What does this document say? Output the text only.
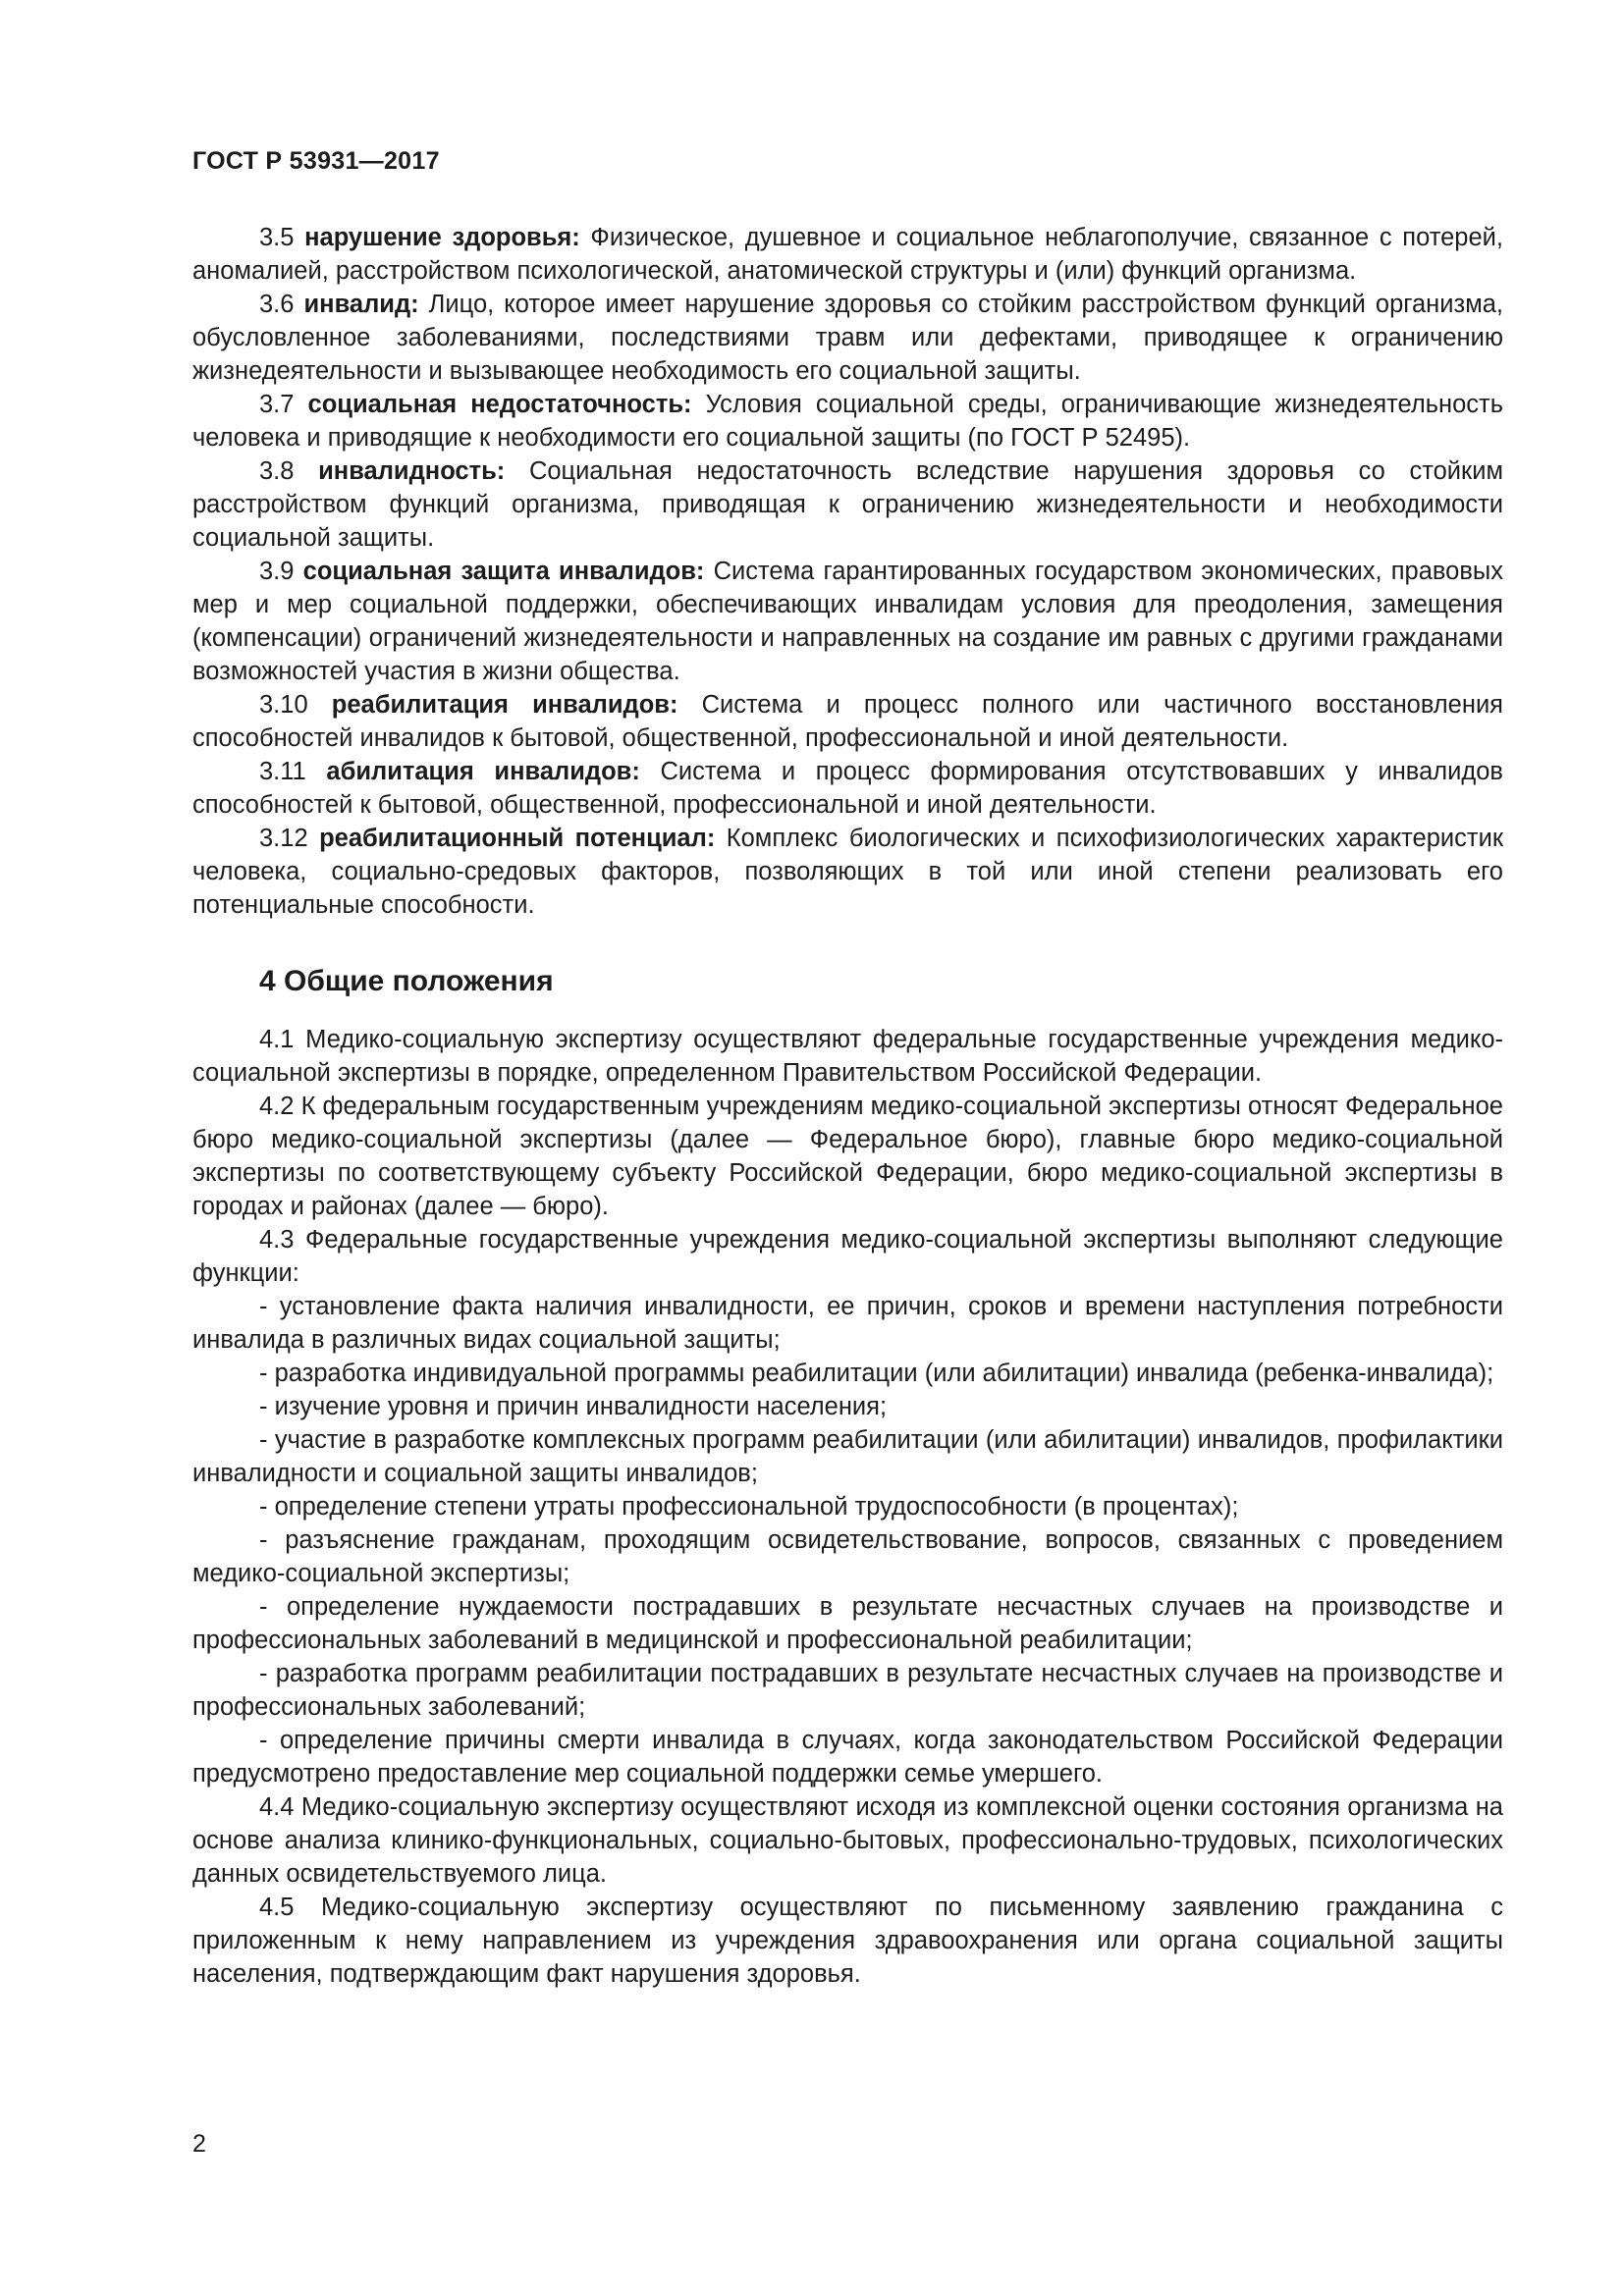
ГОСТ Р 53931—2017

3.5 нарушение здоровья: Физическое, душевное и социальное неблагополучие, связанное с потерей, аномалией, расстройством психологической, анатомической структуры и (или) функций организма.

3.6 инвалид: Лицо, которое имеет нарушение здоровья со стойким расстройством функций организма, обусловленное заболеваниями, последствиями травм или дефектами, приводящее к ограничению жизнедеятельности и вызывающее необходимость его социальной защиты.

3.7 социальная недостаточность: Условия социальной среды, ограничивающие жизнедеятельность человека и приводящие к необходимости его социальной защиты (по ГОСТ Р 52495).

3.8 инвалидность: Социальная недостаточность вследствие нарушения здоровья со стойким расстройством функций организма, приводящая к ограничению жизнедеятельности и необходимости социальной защиты.

3.9 социальная защита инвалидов: Система гарантированных государством экономических, правовых мер и мер социальной поддержки, обеспечивающих инвалидам условия для преодоления, замещения (компенсации) ограничений жизнедеятельности и направленных на создание им равных с другими гражданами возможностей участия в жизни общества.

3.10 реабилитация инвалидов: Система и процесс полного или частичного восстановления способностей инвалидов к бытовой, общественной, профессиональной и иной деятельности.

3.11 абилитация инвалидов: Система и процесс формирования отсутствовавших у инвалидов способностей к бытовой, общественной, профессиональной и иной деятельности.

3.12 реабилитационный потенциал: Комплекс биологических и психофизиологических характеристик человека, социально-средовых факторов, позволяющих в той или иной степени реализовать его потенциальные способности.

4 Общие положения

4.1 Медико-социальную экспертизу осуществляют федеральные государственные учреждения медико-социальной экспертизы в порядке, определенном Правительством Российской Федерации.

4.2 К федеральным государственным учреждениям медико-социальной экспертизы относят Федеральное бюро медико-социальной экспертизы (далее — Федеральное бюро), главные бюро медико-социальной экспертизы по соответствующему субъекту Российской Федерации, бюро медико-социальной экспертизы в городах и районах (далее — бюро).

4.3 Федеральные государственные учреждения медико-социальной экспертизы выполняют следующие функции:

- установление факта наличия инвалидности, ее причин, сроков и времени наступления потребности инвалида в различных видах социальной защиты;

- разработка индивидуальной программы реабилитации (или абилитации) инвалида (ребенка-инвалида);

- изучение уровня и причин инвалидности населения;

- участие в разработке комплексных программ реабилитации (или абилитации) инвалидов, профилактики инвалидности и социальной защиты инвалидов;

- определение степени утраты профессиональной трудоспособности (в процентах);

- разъяснение гражданам, проходящим освидетельствование, вопросов, связанных с проведением медико-социальной экспертизы;

- определение нуждаемости пострадавших в результате несчастных случаев на производстве и профессиональных заболеваний в медицинской и профессиональной реабилитации;

- разработка программ реабилитации пострадавших в результате несчастных случаев на производстве и профессиональных заболеваний;

- определение причины смерти инвалида в случаях, когда законодательством Российской Федерации предусмотрено предоставление мер социальной поддержки семье умершего.

4.4 Медико-социальную экспертизу осуществляют исходя из комплексной оценки состояния организма на основе анализа клинико-функциональных, социально-бытовых, профессионально-трудовых, психологических данных освидетельствуемого лица.

4.5 Медико-социальную экспертизу осуществляют по письменному заявлению гражданина с приложенным к нему направлением из учреждения здравоохранения или органа социальной защиты населения, подтверждающим факт нарушения здоровья.

2
